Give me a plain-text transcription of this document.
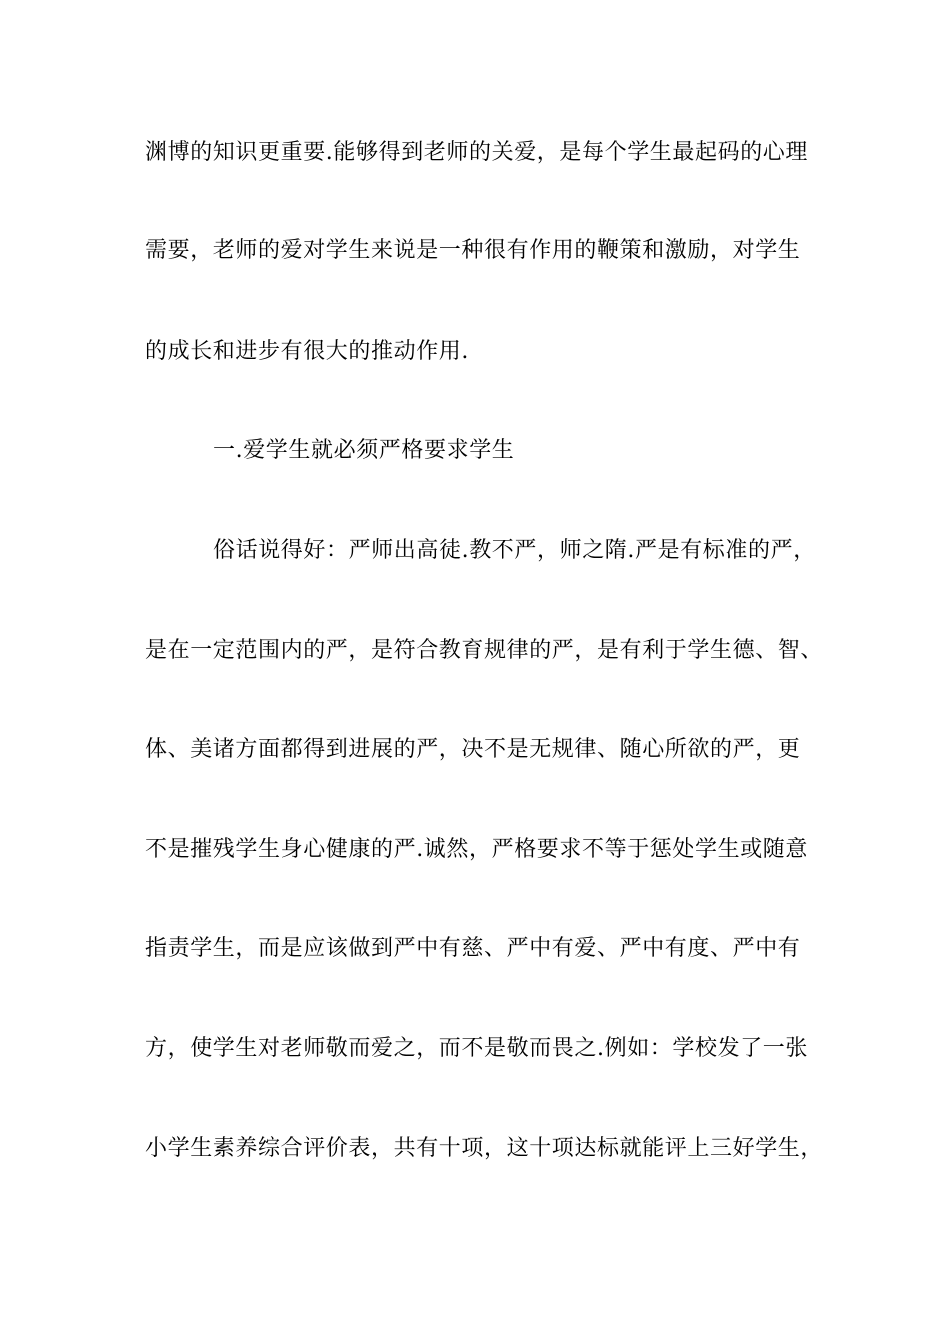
渊博的知识更重要.能够得到老师的关爱，是每个学生最起码的心理
需要，老师的爱对学生来说是一种很有作用的鞭策和激励，对学生
的成长和进步有很大的推动作用.
一.爱学生就必须严格要求学生
俗话说得好：严师出高徒.教不严，师之隋.严是有标准的严，
是在一定范围内的严，是符合教育规律的严，是有利于学生德、智、
体、美诸方面都得到进展的严，决不是无规律、随心所欲的严，更
不是摧残学生身心健康的严.诚然，严格要求不等于惩处学生或随意
指责学生，而是应该做到严中有慈、严中有爱、严中有度、严中有
方，使学生对老师敬而爱之，而不是敬而畏之.例如：学校发了一张
小学生素养综合评价表，共有十项，这十项达标就能评上三好学生，
